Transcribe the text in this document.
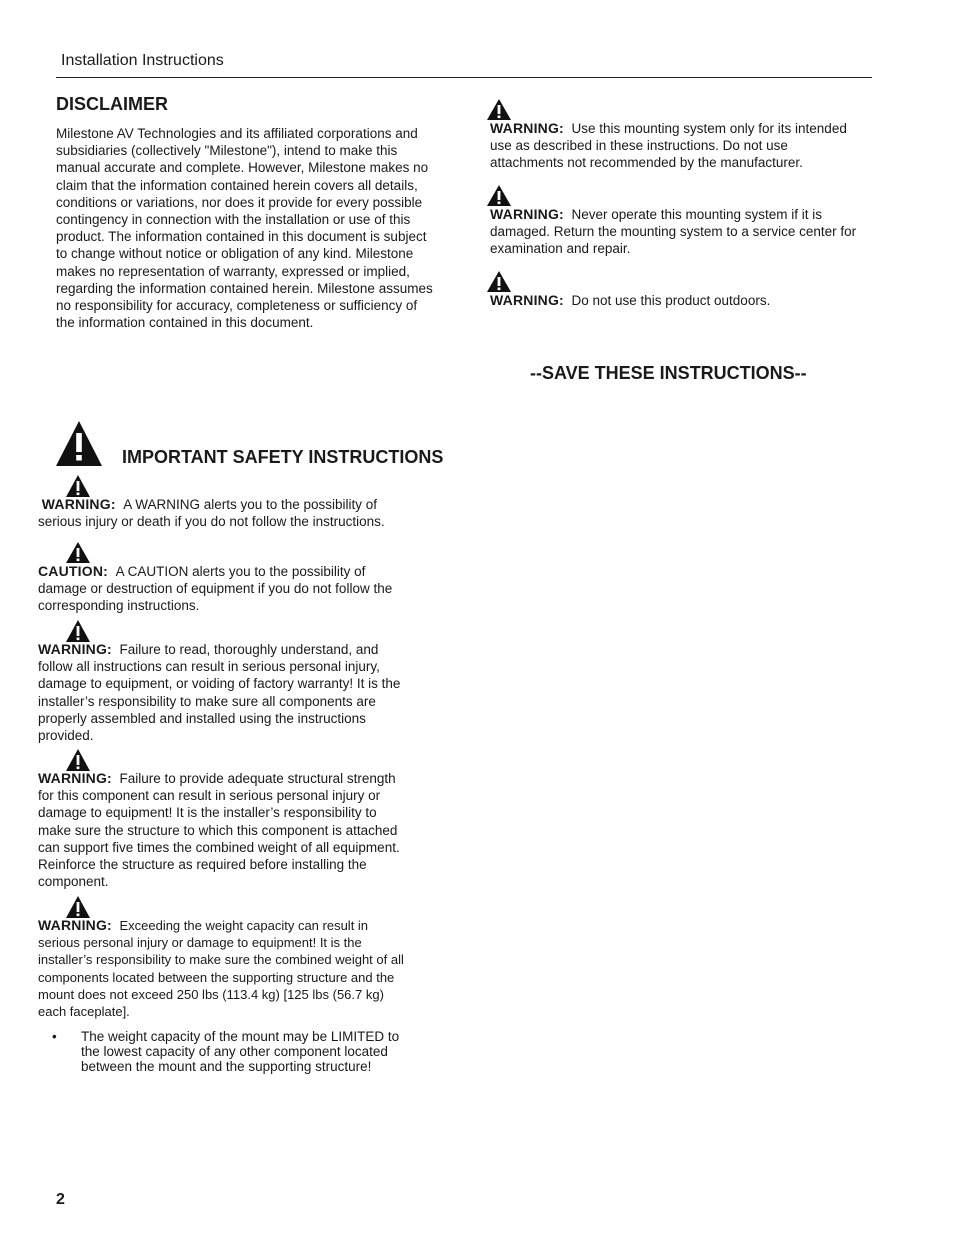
Installation Instructions
DISCLAIMER

Milestone AV Technologies and its affiliated corporations and

subsidiaries (collectively "Milestone"), intend to make this

manual accurate and complete. However, Milestone makes no

claim that the information contained herein covers all details,

conditions or variations, nor does it provide for every possible

contingency in connection with the installation or use of this

product. The information contained in this document is subject

to change without notice or obligation of any kind. Milestone

makes no representation of warranty, expressed or implied,

regarding the information contained herein. Milestone assumes

no responsibility for accuracy, completeness or sufficiency of

the information contained in this document.

WARNING: Use this mounting system only for its intended

use as described in these instructions. Do not use

attachments not recommended by the manufacturer.

WARNING: Never operate this mounting system if it is

damaged. Return the mounting system to a service center for

examination and repair.

WARNING: Do not use this product outdoors.

--SAVE THESE INSTRUCTIONS--
IMPORTANT SAFETY INSTRUCTIONS

WARNING: A WARNING alerts you to the possibility of

serious injury or death if you do not follow the instructions.

CAUTION: A CAUTION alerts you to the possibility of

damage or destruction of equipment if you do not follow the

corresponding instructions.

WARNING: Failure to read, thoroughly understand, and

follow all instructions can result in serious personal injury,

damage to equipment, or voiding of factory warranty! It is the

installer’s responsibility to make sure all components are

properly assembled and installed using the instructions

provided.

WARNING: Failure to provide adequate structural strength

for this component can result in serious personal injury or

damage to equipment! It is the installer’s responsibility to

make sure the structure to which this component is attached

can support five times the combined weight of all equipment.

Reinforce the structure as required before installing the

component.

WARNING: Exceeding the weight capacity can result in

serious personal injury or damage to equipment! It is the

installer’s responsibility to make sure the combined weight of all

components located between the supporting structure and the

mount does not exceed 250 lbs (113.4 kg) [125 lbs (56.7 kg)

each faceplate].

• The weight capacity of the mount may be LIMITED to

the lowest capacity of any other component located

between the mount and the supporting structure!

2
